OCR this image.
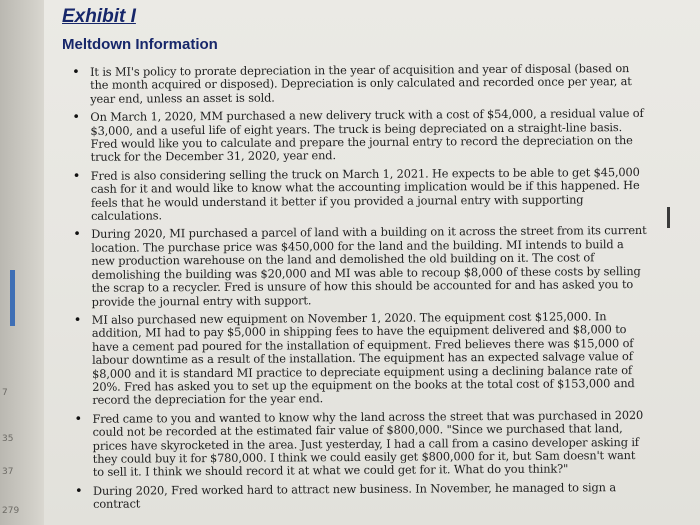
7
35
37
279
Exhibit I
Meltdown Information
• It is MI's policy to prorate depreciation in the year of acquisition and year of disposal (based on the month acquired or disposed). Depreciation is only calculated and recorded once per year, at year end, unless an asset is sold.
• On March 1, 2020, MM purchased a new delivery truck with a cost of $54,000, a residual value of $3,000, and a useful life of eight years. The truck is being depreciated on a straight-line basis. Fred would like you to calculate and prepare the journal entry to record the depreciation on the truck for the December 31, 2020, year end.
• Fred is also considering selling the truck on March 1, 2021. He expects to be able to get $45,000 cash for it and would like to know what the accounting implication would be if this happened. He feels that he would understand it better if you provided a journal entry with supporting calculations.
• During 2020, MI purchased a parcel of land with a building on it across the street from its current location. The purchase price was $450,000 for the land and the building. MI intends to build a new production warehouse on the land and demolished the old building on it. The cost of demolishing the building was $20,000 and MI was able to recoup $8,000 of these costs by selling the scrap to a recycler. Fred is unsure of how this should be accounted for and has asked you to provide the journal entry with support.
• MI also purchased new equipment on November 1, 2020. The equipment cost $125,000. In addition, MI had to pay $5,000 in shipping fees to have the equipment delivered and $8,000 to have a cement pad poured for the installation of equipment. Fred believes there was $15,000 of labour downtime as a result of the installation. The equipment has an expected salvage value of $8,000 and it is standard MI practice to depreciate equipment using a declining balance rate of 20%. Fred has asked you to set up the equipment on the books at the total cost of $153,000 and record the depreciation for the year end.
• Fred came to you and wanted to know why the land across the street that was purchased in 2020 could not be recorded at the estimated fair value of $800,000. "Since we purchased that land, prices have skyrocketed in the area. Just yesterday, I had a call from a casino developer asking if they could buy it for $780,000. I think we could easily get $800,000 for it, but Sam doesn't want to sell it. I think we should record it at what we could get for it. What do you think?"
• During 2020, Fred worked hard to attract new business. In November, he managed to sign a contract
